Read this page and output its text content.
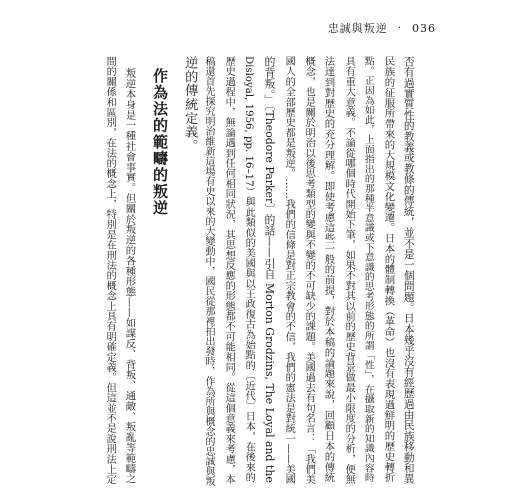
忠誠與叛逆 · 036
否有過實質性的教義或教條的傳統，並不是一個問題。日本幾乎沒有經歷過由民族移動和異
民族的征服所帶來的大規模文化變遷。日本的體制轉換（革命）也沒有表現過鮮明的歷史轉折
點。正因為如此，上面指出的那種半意識或下意識的思考形態的所謂「性」，在攝取新的知識內容時
具有重大意義。不論從哪個時代開始下筆，如果不對其以前的歷史背景做最小限度的分析，便無
法達到對歷史的充分理解。即使考慮這些一般的前提，對於本稿的論題來說，回顧日本的傳統
概念，也是關於明治以後思考類型的變與不變的不可缺少的課題。美國過去有句名言：「我們美
國人的全部歷史都是叛逆。……我們的信條是對正宗教會的不信，我們的憲法是對統一——美國
的背叛。」〔Theodore Parker〕的話——引自 Morton Grodzins, The Loyal and the
Disloyal, 1956, pp. 16–17）與此類似的美國與以王政復古為始點的〔近代〕日本，在後來的
歷史過程中，無論遇到任何相同狀況，其思想反應的形態都不可能相同。從這個意義來考慮，本
稿還首先探究明治維新這場有史以來的大變動中，國民從那裡拍出發時，作為所與概念的忠誠與叛
逆的傳統定義。
作為法的範疇的叛逆
叛逆本身是一種社會事實。但關於叛逆的各種形態——如謀反、背叛、通敵、叛亂等範疇之
間的關係和區別，在法的概念上，特別是在刑法的概念上具有明確定義。但這並不是說刑法上定
